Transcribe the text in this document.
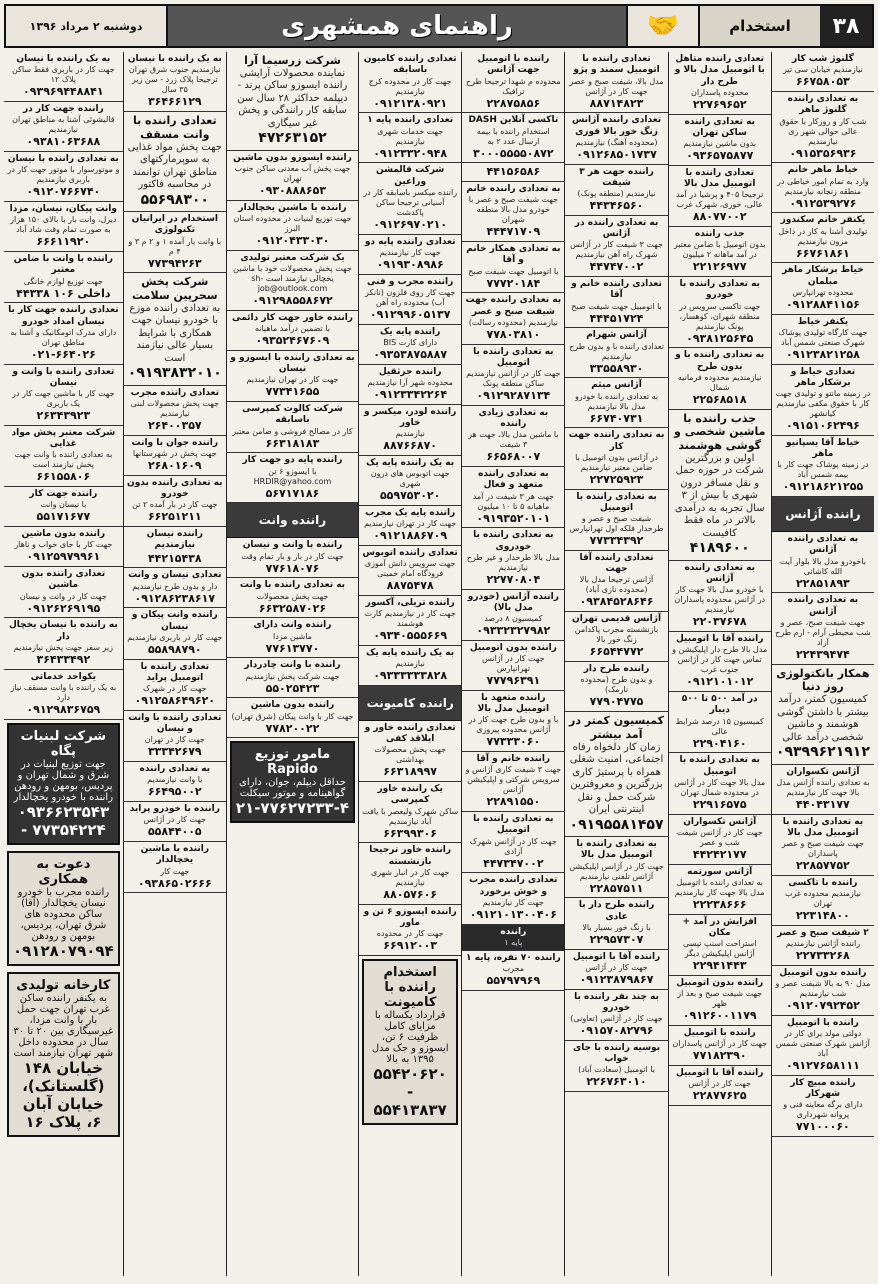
۳۸
استخدام
🤝
راهنمای همشهری
دوشنبه ۲ مرداد ۱۳۹۶
گلنوژ شب کار
نیازمندیم خیابان سی تیر
۶۶۷۵۸۰۵۳
به تعدادی راننده گلنوژ ماهر
شب کار و روزکار با حقوق عالی حوالی شهر ری نیازمندیم
۰۹۱۵۳۵۶۹۳۶
خیاط ماهر خانم
وارد به تمام امور خیاطی در منطقه زنجانه نیازمندیم
۰۹۱۲۵۳۹۲۷۶
یکنفر خانم سکندوز
تولیدی آشنا به کار در داخل مزون نیازمندیم
۶۶۷۶۱۸۶۱
خیاط برشکار ماهر مبلمان
محدوده تهرانپارس
۰۹۱۲۸۸۴۱۱۵۶
یکنفر خیاط
جهت کارگاه تولیدی پوشاک شهرک صنعتی شمس آباد
۰۹۱۲۳۸۲۱۲۵۸
تعدادی خیاط و برشکار ماهر
در زمینه مانتو و تولیدی جهت کار با حقوق مکفی نیازمندیم کیانشهر
۰۹۱۵۱۰۶۲۴۹۶
خیاط آقا یسپانیو ماهر
در زمینه پوشاک جهت کار با بیمه شمس آباد
۰۹۱۲۱۸۶۲۱۲۵۵
راننده آژانس
به تعدادی راننده آژانس
باخودرو مدل بالا بلوار آیت الله کاشانی
۲۲۸۵۱۸۹۳
به تعدادی راننده آژانس
جهت شیفت صبح، عصر و شب محیطی آرام - ارم طرح آزاد
۲۲۴۳۹۴۷۴
همکار بانکتولوژی روز دنیا
کمیسیون کمتر، درآمد بیشتر با داشتن گوشی هوشمند و ماشین شخصی درآمد عالی
۰۹۳۹۹۶۲۱۹۱۲
آژانس تکسواران
به تعدادی راننده آژانس مدل بالا جهت کار نیازمندیم
۴۴۰۴۳۱۷۷
به تعدادی راننده با اتومبیل مدل بالا
جهت شیفت صبح و عصر پاسداران
۲۲۸۵۷۷۵۲
راننده با تاکسی
نیازمندیم محدوده غرب تهران
۲۲۳۱۴۸۰۰
۲ شیفت صبح و عصر
راننده آژانس نیازمندیم
۲۲۷۳۳۲۶۸
راننده بدون اتومبیل
مدل ۹۰ به بالا شیفت عصر و شب نیازمندیم
۰۹۱۲۰۷۹۲۴۵۲
راننده با اتومبیل
دولتی مولد برای کار در آژانس شهرک صنعتی شمس آباد
۰۹۱۲۷۶۵۸۱۱۱
راننده مبیچ کار شهرکار
دارای برگه معاینه فنی و پروانه شهرداری
۷۷۱۰۰۰۶۰
تعدادی راننده متاهل با اتومبیل مدل بالا و طرح دار
محدوده پاسداران
۲۲۷۶۹۶۵۲
به تعدادی راننده ساکن تهران
بدون ماشین نیازمندیم
۰۹۳۶۵۷۵۸۷۷
تعدادی راننده با اتومبیل مدل بالا
ترجیحا ۴۰۵ و پرشیا در آمد عالی، خوری، شهرک غرب
۸۸۰۷۷۰۰۲
جذب راننده
بدون اتومبیل با ضامن معتبر در آمد ماهانه ۲ میلیون
۲۲۱۲۶۹۷۷
به تعدادی راننده با خودرو
جهت تاکسی سرویس در منطقه شهران، کوهسار، پونک نیازمندیم
۰۹۳۸۱۲۵۶۴۵
به تعدادی راننده با و بدون طرح
نیازمندیم محدوده فرمانیه شمال
۲۲۵۶۸۵۱۸
جذب راننده با ماشین شخصی و گوشی هوشمند
اولین و بزرگترین شرکت در حوزه حمل و نقل مسافر درون شهری با بیش از ۳ سال تجربه به درآمدی بالاتر در ماه فقط کافیست
۴۱۸۹۶۰۰
به تعدادی راننده آژانس
با خودرو مدل بالا جهت کار در آژانس محدوده پاسداران نیازمندیم
۲۲۰۳۷۶۷۸
راننده آقا با اتومبیل
مدل بالا طرح دار اپلیکیشن و تماس جهت کار در آژانس جنوب غرب
۰۹۱۲۱۰۱۰۱۲
در آمد ۵۰۰ تا ۵۰۰ دیبار
کمیسیون ۱۵ درصد شرایط عالی
۲۲۹۰۴۱۶۰
به تعدادی راننده با اتومبیل
مدل بالا جهت کار در آژانس در محدوده شمال تهران
۲۲۹۱۶۵۷۵
آژانس تکسواران
جهت کار در آژانس شیفت شب و عصر
۴۴۲۴۲۱۷۷
آژانس سورتمه
به تعدادی راننده با اتومبیل مدل بالا جهت کار نیازمندیم
۲۲۲۳۸۶۶۶
افزایش در آمد + مکان
استراحت اسنپ تپسی آژانس اپلیکیشن دیگر
۲۲۹۴۱۴۴۳
راننده بدون اتومبیل
جهت شیفت صبح و بعد از ظهر
۰۹۱۲۶۰۰۱۱۷۹
راننده با اتومبیل
جهت کار در آژانس پاسداران
۷۷۱۸۲۳۹۰
راننده آقا با اتومبیل
جهت کار در آژانس
۲۲۸۷۷۶۲۵
تعدادی راننده با اتومبیل سمند و پژو
مدل بالا، شیفت صبح و عصر جهت کار در آژانس
۸۸۷۱۴۸۲۳
تعدادی راننده آژانس زنگ خور بالا فوری
(محدوده آهنگ) نیازمندیم
۰۹۱۲۶۸۵۰۱۷۳۷
راننده جهت هر ۳ شیفت
نیازمندیم (منطقه پونک)
۴۴۳۴۶۵۶۰
به تعدادی راننده در آژانس
جهت ۳ شیفت کار در آژانس شهرک راه آهن نیازمندیم
۴۴۷۴۷۰۰۲
تعدادی راننده خانم و آقا
با اتومبیل جهت شیفت صبح
۴۴۴۵۱۷۲۴
آژانس شهرام
تعدادی راننده با و بدون طرح نیازمندیم
۳۳۵۵۸۹۳۰
آژانس میثم
به تعدادی راننده با خودرو مدل بالا نیازمندیم
۶۶۷۴۰۷۳۱
به تعدادی راننده جهت کار
در آژانس بدون اتومبیل با ضامن معتبر نیازمندیم
۲۲۷۲۵۹۲۳
به تعدادی راننده با اتومبیل
شیفت صبح و عصر و طرحدار فلکه اول تهرانپارس
۷۷۳۳۴۳۹۲
تعدادی راننده آقا جهت
آژانس ترجیحا مدل بالا (محدوده نازی آباد)
۰۹۳۸۴۵۲۸۶۴۶
آژانس قدیمی تهران
بازنشسته مجرب پاکدامن زنگ خور بالا
۶۶۵۴۴۷۷۲
راننده طرح دار
و بدون طرح (محدوده نارمک)
۷۷۹۰۴۷۷۵
کمیسیون کمتر در آمد بیشتر
زمان کار دلخواه رفاه اجتماعی، امنیت شغلی همراه با پرستیژ کاری بزرگترین و معروفترین شرکت حمل و نقل اینترنتی ایران
۰۹۱۹۵۵۸۱۴۵۷
به تعدادی راننده با اتومبیل مدل بالا
جهت کار در آژانس اپلیکیشن آژانس تلفنی نیازمندیم
۲۲۸۵۷۵۱۱
راننده طرح دار با عادی
با زنگ خور بسیار بالا
۲۲۹۵۷۳۰۷
راننده آقا با اتومبیل
جهت کار در آژانس
۰۹۱۲۳۸۷۹۸۶۷
به چند نفر راننده با خودرو
جهت کار در آژانس (تعاونی)
۰۹۱۵۷۰۸۲۷۹۶
بوسیه راننده با جای خواب
با اتومبیل (سعادت آباد)
۲۲۶۷۶۳۰۱۰
راننده با اتومبیل جهت آژانس
محدوده م شهدا ترجیحا طرح ترافیک
۲۲۸۷۵۸۵۶
تاکسی آنلاین DASH
استخدام راننده با بیمه ارسال عدد ۲ به
۳۰۰۰۵۵۵۵۰۸۷۲
۴۴۱۵۶۵۸۶
به تعدادی راننده خانم
جهت شیفت صبح و عصر با خودرو مدل بالا منطقه شهران
۴۴۴۷۱۷۰۹
به تعدادی همکار خانم و آقا
با اتومبیل جهت شیفت صبح
۷۷۷۲۰۱۸۴
به تعدادی راننده جهت شیفت صبح و عصر
نیازمندیم (محدوده رسالت)
۷۷۸۰۳۸۱۰
به تعدادی راننده با اتومبیل
جهت کار در آژانس نیازمندیم ساکن منطقه پونک
۰۹۱۲۹۲۸۷۱۳۴
به تعدادی زیادی راننده
با ماشین مدل بالا، جهت هر ۳ شیفت
۶۶۵۶۸۰۰۷
به تعدادی راننده متعهد و فعال
جهت هر ۳ شیفت در آمد ماهیانه ۵ تا ۱۰ میلیون
۰۹۱۹۳۵۲۰۱۰۱
به تعدادی راننده با خودروی
مدل بالا طرحدار و غیر طرح نیازمندیم
۲۲۷۷۰۸۰۴
راننده آژانس (خودرو مدل بالا)
کمیسیون ۸ درصد
۰۹۳۳۲۳۲۷۹۸۲
راننده بدون اتومبیل
جهت کار در آژانس تهرانپارس
۷۷۷۹۶۳۹۱
راننده متعهد با اتومبیل مدل بالا
با و بدون طرح جهت کار در آژانس محدوده پیروزی
۷۷۳۳۳۰۶۰
راننده خانم و آقا
جهت ۳ شیفت کاری آژانس و سرویس شرکتی و اپلیکیشن آژانس
۲۲۸۹۱۵۵۰
به تعدادی راننده با اتومبیل
جهت کار در آژانس شهرک آزادی
۴۴۷۳۴۷۰۰۲
تعدادی راننده مجرب و خوش برخورد
جهت کار نیازمندیم
۰۹۱۲۱۰۱۳۰۰۴۰۶
راننده
پایه ۱
راننده ۷۰ نفره، پایه ۱
مجرب
۵۵۷۹۷۹۶۹
تعدادی راننده کامیون باسابقه
جهت کار در محدوده کرج نیازمندیم
۰۹۱۲۱۳۸۰۹۲۱
تعدادی راننده پایه ۱
جهت خدمات شهری نیازمندیم
۰۹۱۲۳۳۲۰۹۴۸
شرکت قالمشن وراعین
راننده میکسر باسابقه کار در آسیانی ترجیحا ساکن پاکدشت
۰۹۱۲۶۹۷۰۲۱۰
تعدادی راننده پایه دو
جهت کار نیازمندیم
۰۹۱۹۳۰۸۹۸۶
راننده مجرب و فنی
جهت کار روی فلزون (تانکر آب) محدوده راه آهن
۰۹۱۲۹۹۶۰۵۱۳۷
راننده پایه یک
دارای کارت BIS
۰۹۳۵۳۸۷۵۸۸۷
راننده جرثقیل
محدوده شهر آرا نیازمندیم
۰۹۱۲۳۳۴۲۲۶۴
راننده لودر، میکسر و خاور
نیازمندیم
۸۸۷۶۶۸۷۰
به یک راننده پایه یک
جهت اتوبوس های درون شهری
۵۵۹۷۵۳۰۲۰
راننده پایه یک مجرب
جهت کار در تهران نیازمندیم
۰۹۱۲۱۸۸۶۷۰۹
تعدادی راننده اتوبوس
جهت سرویس دانش آموزی فرودگاه امام خمینی
۸۸۷۵۴۷۸
راننده تریلی، آکسور
جهت کار در نیازمندیم کارت هوشمند
۰۹۳۴۰۵۵۵۶۶۹
به یک راننده پایه یک
نیازمندیم
۰۹۳۳۳۳۳۳۸۲۸
راننده کامیونت
تعدادی راننده خاور و ایلاقد کفی
جهت پخش محصولات بهداشتی
۶۶۳۱۸۹۹۷
یک راننده خاور کمپرسی
ساکن شهرک ولیعصر با یافت آباد نیازمندیم
۶۶۳۹۹۳۰۶
راننده خاور ترجیحا بازنشسته
جهت کار در انبار شهری نیازمندیم
۸۸۰۵۷۶۰۶
راننده ایسوزو ۶ تن و ماور
جهت کار در محدوده
۶۶۹۱۲۰۰۳
استخدام راننده با کامیونت
قرارداد یکساله با مزایای کامل ظرفیت ۶ تن، ایسوزو و جک مدل ۱۳۹۵ به بالا
۵۵۴۲۰۶۲۰ - ۵۵۴۱۳۸۳۷
شرکت زرسیما آرا
نماینده محصولات آرایشی راننده ایسوزو ساکن پرند - دیپلمه حداکثر ۲۸ سال سن سابقه کار رانندگی و پخش غیر سیگاری
۴۷۲۶۳۱۵۲
راننده ایسوزو بدون ماشین
جهت پخش آب معدنی ساکن جنوب تهران
۰۹۳۰۸۸۸۶۵۳
راننده با ماشین یخچالدار
جهت توزیع لبنیات در محدوده استان البرز
۰۹۱۲۰۴۳۳۰۳۰
یک شرکت معتبر تولیدی
جهت پخش محصولات خود با ماشین یخچالی نیازمند است sh-job@outlook.com
۰۹۱۲۹۸۵۵۸۶۷۲
راننده خاور جهت کار دائمی
با تضمین درآمد ماهیانه
۰۹۳۵۲۴۶۷۶۰۹
به تعدادی راننده با ایسوزو و نیسان
جهت کار در تهران نیازمندیم
۷۷۳۴۱۶۵۵
شرکت کالوت کمپرسی باسابقه
کار در مصالح فروشی و ضامن معتبر
۶۶۳۱۸۱۸۳
راننده پایه دو جهت کار
با ایسوزو ۶ تن HRDIR@yahoo.com
۵۶۷۱۷۱۸۶
راننده وانت
راننده با وانت و نیسان
جهت کار در بار و بار تمام وقت
۷۷۶۱۸۰۷۶
به تعدادی راننده با وانت
جهت پخش محصولات
۶۶۳۲۵۸۷۰۲۶
راننده وانت دارای
ماشین مزدا
۷۷۶۱۳۷۷۰
راننده با وانت چادردار
جهت شرکت پخش نیازمندیم
۵۵۰۲۵۴۲۳
راننده بدون ماشین
جهت کار با وانت پیکان (شرق تهران)
۷۷۸۲۰۰۲۲
مامور توزیع Rapido
حداقل دیپلم، جوان، دارای گواهینامه و موتور سیکلت
۲۱-۷۷۶۲۷۲۳۳-۴
به یک راننده با نیسان
نیازمندیم جنوب شرق تهران ترجیحا پلاک زرد - سن زیر ۳۵ سال
۳۶۴۶۶۱۲۹
تعدادی راننده با وانت مسقف
جهت پخش مواد غذایی به سوپرمارکتهای مناطق تهران توانمند در محاسبه فاکتور
۵۵۶۹۸۳۰۰
استخدام در ایرانیان تکنولوژی
با وانت بار آمده ۱ و ۲ م ۳ و ۴ م
۷۷۳۹۴۲۶۳
شرکت پخش سحرپین سلامت
به تعدادی راننده موزع با خودرو نیسان جهت همکاری با شرایط بسیار عالی نیازمند است
۰۹۱۹۳۸۳۲۰۱۰
تعدادی راننده مجرب
جهت پخش محصولات لبنی نیازمندیم
۲۶۴۰۰۳۵۷
راننده جوان با وانت
جهت پخش در شهرستانها
۲۶۸۰۱۶۰۹
به تعدادی راننده بدون خودرو
جهت کار در بار آمده ۲ تن
۶۶۲۵۱۲۱۱
راننده نیسان نیازمندیم
۴۴۲۱۵۴۳۸
تعدادی نیسان و وانت
دار و بدون طرح نیازمندیم
۰۹۱۲۸۶۲۳۸۶۱۷
راننده وانت پیکان و نیسان
جهت کار در باربری نیازمندیم
۵۵۸۹۸۷۹۰
تعدادی راننده با اتومبیل پراید
جهت کار در شهرک
۰۹۱۲۵۸۶۴۹۶۲۰
تعدادی راننده با وانت و نیسان
جهت کار در تهران
۳۳۳۴۲۶۷۹
به تعدادی راننده
با وانت نیازمندیم
۶۶۴۹۵۰۰۲
راننده با خودرو پراید
جهت کار در آژانس
۵۵۸۴۴۰۰۵
راننده با ماشین یخچالدار
جهت کار
۰۹۳۸۶۵۰۲۶۶۶
به یک راننده با نیسان
جهت کار در باربری فقط ساکن پلاک ۱۲
۰۹۳۹۶۹۴۴۸۸۴۱
راننده جهت کار در
قالیشوئی آشنا به مناطق تهران نیازمندیم
۰۹۳۸۱۰۶۳۶۸۸
به تعدادی راننده با نیسان
و موتورسوار با موتور جهت کار در باربری نیازمندیم
۰۹۱۲۰۷۶۶۷۴۰
وانت پیکان، نیسان، مزدا
دیزل، وانت بار با بالای ۱۵۰ هزار به صورت تمام وقت شاد آباد
۶۶۶۱۱۹۲۰
راننده با وانت با ضامن معتبر
جهت توزیع لوازم خانگی
۴۴۳۳۸ داخلی ۱۰۶
تعدادی راننده جهت کار با نیسان امداد خودرو
دارای مدرک اتومکانیک و آشنا به مناطق تهران
۰۲۱-۶۶۴۰۲۶
تعدادی راننده با وانت و نیسان
جهت کار با ماشین جهت کار در یک باربری
۲۶۳۴۳۹۲۳
شرکت معتبر پخش مواد غذایی
به تعدادی راننده با وانت جهت پخش نیازمند است
۶۶۱۵۵۸۰۶
راننده جهت کار
با نیسان وانت
۵۵۱۷۱۶۷۷
راننده بدون ماشین
جهت کار با جای خواب و ناهار
۰۹۱۲۵۹۷۹۹۶۱
تعدادی راننده بدون ماشین
جهت کار در وانت و نیسان
۰۹۱۲۶۲۶۹۱۹۵
به راننده با نیسان یخچال دار
زیر سفر جهت پخش نیازمندیم
۳۶۴۳۳۴۹۲
یکواحد خدماتی
به یک راننده با وانت مسقف نیاز دارد
۰۹۱۲۹۸۳۶۷۵۹
شرکت لبنیات پگاه
جهت توزیع لبنیات در شرق و شمال تهران و پردیس، بومهن و رودهن راننده با خودرو یخچالدار
۰۹۳۶۶۲۳۵۴۳ - ۷۷۳۵۴۲۲۴
دعوت به همکاری
راننده مجرب با خودرو نیسان یخچالدار (آقا) ساکن محدوده های شرق تهران، پردیس، بومهن و رودهن
۰۹۱۲۸۰۷۹۰۹۴
کارخانه تولیدی
به یکنفر راننده ساکن غرب تهران جهت حمل بار با وانت مزدا، غیرسیگاری بین ۲۰ تا ۳۰ سال در محدوده داخل شهر تهران نیازمند است
خیابان ۱۴۸ (گلستانک)، خیابان آبان ۶، پلاک ۱۶
